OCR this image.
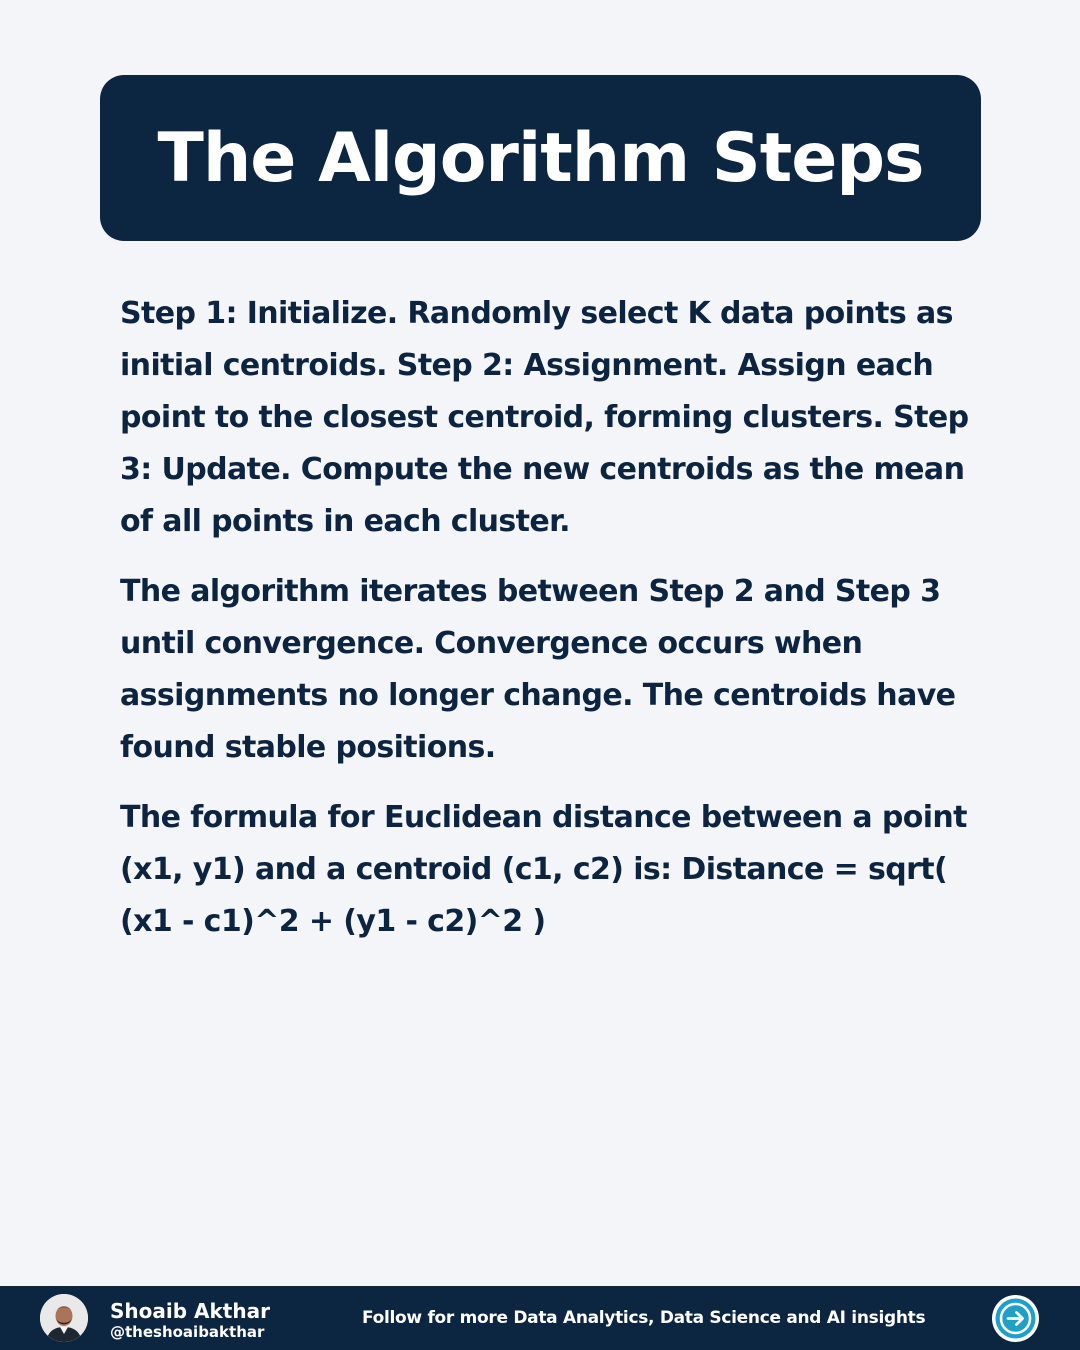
The Algorithm Steps

Step 1: Initialize. Randomly select K data points as initial centroids. Step 2: Assignment. Assign each point to the closest centroid, forming clusters. Step 3: Update. Compute the new centroids as the mean of all points in each cluster.

The algorithm iterates between Step 2 and Step 3 until convergence. Convergence occurs when assignments no longer change. The centroids have found stable positions.

The formula for Euclidean distance between a point (x1, y1) and a centroid (c1, c2) is: Distance = sqrt( (x1 - c1)^2 + (y1 - c2)^2 )

Shoaib Akthar
@theshoaibakthar
Follow for more Data Analytics, Data Science and AI insights
